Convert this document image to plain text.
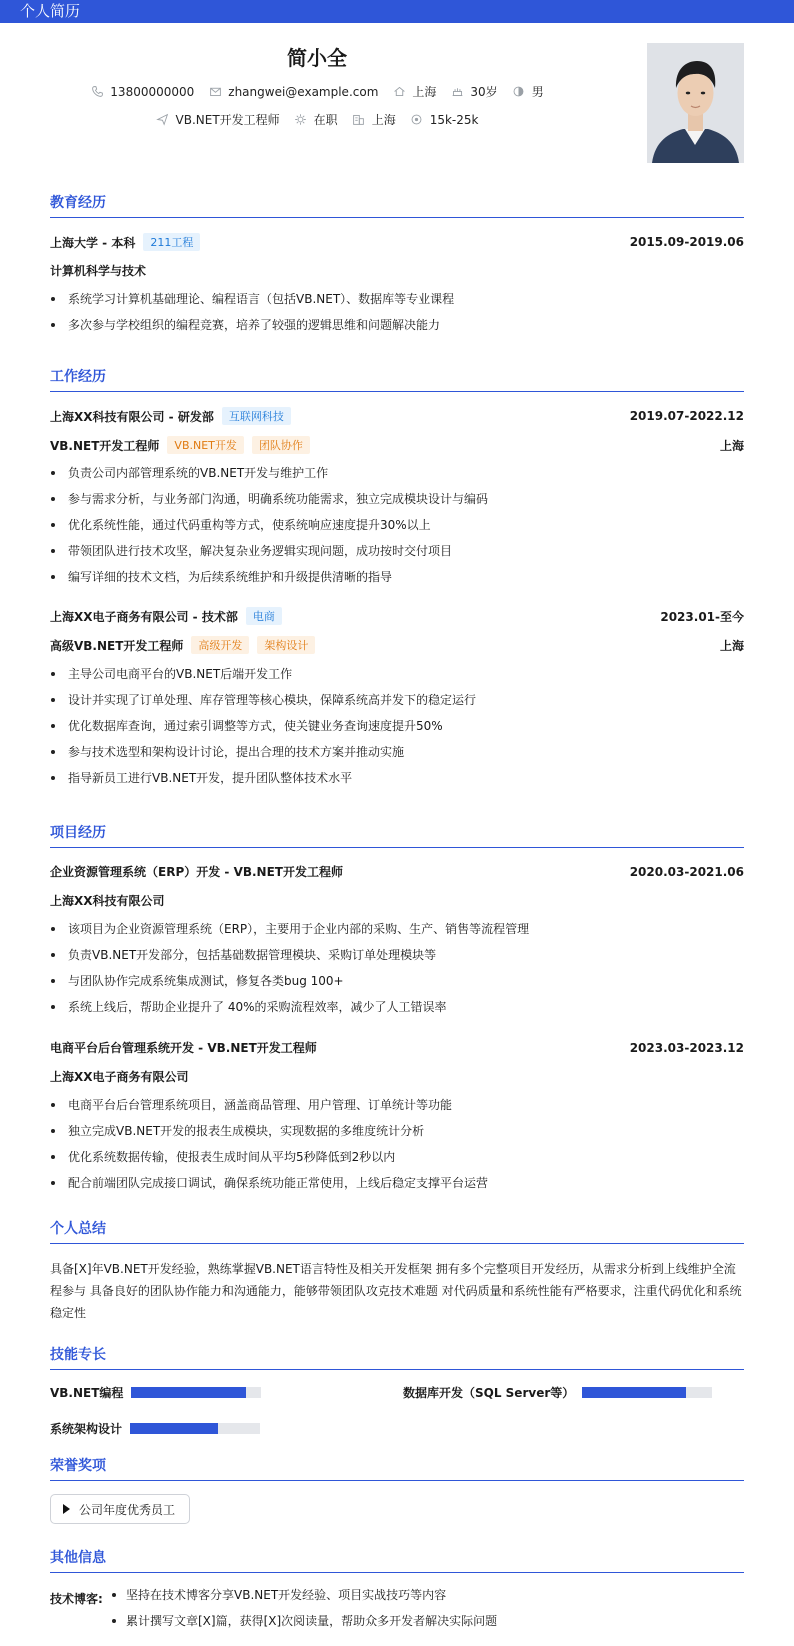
个人简历
简小全
13800000000	zhangwei@example.com	上海	30岁	男
VB.NET开发工程师	在职	上海	15k-25k
教育经历
上海大学 - 本科	211工程	2015.09-2019.06
计算机科学与技术
系统学习计算机基础理论、编程语言（包括VB.NET）、数据库等专业课程
多次参与学校组织的编程竞赛，培养了较强的逻辑思维和问题解决能力
工作经历
上海XX科技有限公司 - 研发部	互联网科技	2019.07-2022.12
VB.NET开发工程师	VB.NET开发	团队协作	上海
负责公司内部管理系统的VB.NET开发与维护工作
参与需求分析，与业务部门沟通，明确系统功能需求，独立完成模块设计与编码
优化系统性能，通过代码重构等方式，使系统响应速度提升30%以上
带领团队进行技术攻坚，解决复杂业务逻辑实现问题，成功按时交付项目
编写详细的技术文档，为后续系统维护和升级提供清晰的指导
上海XX电子商务有限公司 - 技术部	电商	2023.01-至今
高级VB.NET开发工程师	高级开发	架构设计	上海
主导公司电商平台的VB.NET后端开发工作
设计并实现了订单处理、库存管理等核心模块，保障系统高并发下的稳定运行
优化数据库查询，通过索引调整等方式，使关键业务查询速度提升50%
参与技术选型和架构设计讨论，提出合理的技术方案并推动实施
指导新员工进行VB.NET开发，提升团队整体技术水平
项目经历
企业资源管理系统（ERP）开发 - VB.NET开发工程师	2020.03-2021.06
上海XX科技有限公司
该项目为企业资源管理系统（ERP），主要用于企业内部的采购、生产、销售等流程管理
负责VB.NET开发部分，包括基础数据管理模块、采购订单处理模块等
与团队协作完成系统集成测试，修复各类bug 100+
系统上线后，帮助企业提升了 40%的采购流程效率，减少了人工错误率
电商平台后台管理系统开发 - VB.NET开发工程师	2023.03-2023.12
上海XX电子商务有限公司
电商平台后台管理系统项目，涵盖商品管理、用户管理、订单统计等功能
独立完成VB.NET开发的报表生成模块，实现数据的多维度统计分析
优化系统数据传输，使报表生成时间从平均5秒降低到2秒以内
配合前端团队完成接口调试，确保系统功能正常使用，上线后稳定支撑平台运营
个人总结
具备[X]年VB.NET开发经验，熟练掌握VB.NET语言特性及相关开发框架 拥有多个完整项目开发经历，从需求分析到上线维护全流程参与 具备良好的团队协作能力和沟通能力，能够带领团队攻克技术难题 对代码质量和系统性能有严格要求，注重代码优化和系统稳定性
技能专长
VB.NET编程	数据库开发（SQL Server等）
系统架构设计
荣誉奖项
公司年度优秀员工
其他信息
技术博客:	坚持在技术博客分享VB.NET开发经验、项目实战技巧等内容
累计撰写文章[X]篇，获得[X]次阅读量，帮助众多开发者解决实际问题
